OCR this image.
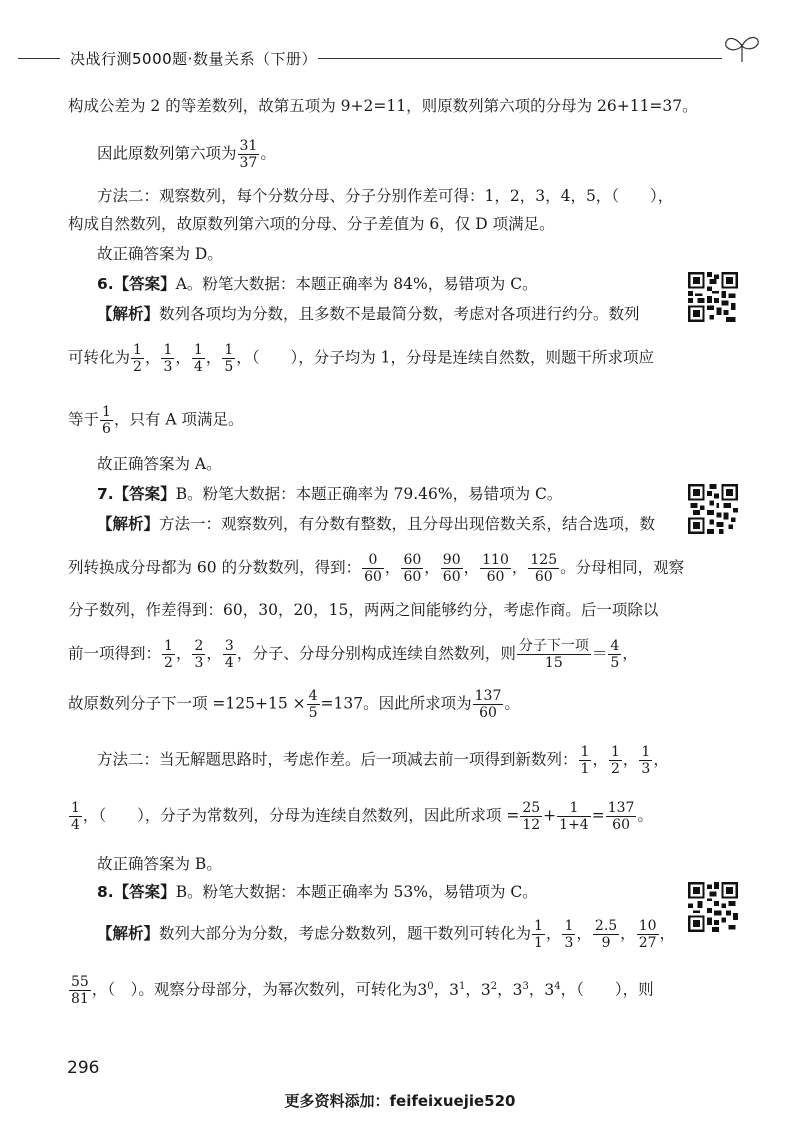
决战行测5000题·数量关系（下册）
构成公差为 2 的等差数列，故第五项为 9+2=11，则原数列第六项的分母为 26+11=37。
因此原数列第六项为 $\frac{31}{37}$ 。
方法二：观察数列，每个分数分母、分子分别作差可得：1，2，3，4，5，（　　），
构成自然数列，故原数列第六项的分母、分子差值为 6，仅 D 项满足。
故正确答案为 D。
6.【答案】A。粉笔大数据：本题正确率为 84%，易错项为 C。
【解析】数列各项均为分数，且多数不是最简分数，考虑对各项进行约分。数列
可转化为 $\frac{1}{2}$ ， $\frac{1}{3}$ ， $\frac{1}{4}$ ， $\frac{1}{5}$ ，（　　），分子均为 1，分母是连续自然数，则题干所求项应
等于 $\frac{1}{6}$ ，只有 A 项满足。
故正确答案为 A。
7.【答案】B。粉笔大数据：本题正确率为 79.46%，易错项为 C。
【解析】方法一：观察数列，有分数有整数，且分母出现倍数关系，结合选项，数
列转换成分母都为 60 的分数数列，得到： $\frac{0}{60}$ ， $\frac{60}{60}$ ， $\frac{90}{60}$ ， $\frac{110}{60}$ ， $\frac{125}{60}$ 。分母相同，观察
分子数列，作差得到：60，30，20，15，两两之间能够约分，考虑作商。后一项除以
前一项得到： $\frac{1}{2}$ ， $\frac{2}{3}$ ， $\frac{3}{4}$ ，分子、分母分别构成连续自然数列，则 $\frac{\text{分子下一项}}{15} = \frac{4}{5}$ ，
故原数列分子下一项 $=125+15 \times \frac{4}{5} =137$。因此所求项为 $\frac{137}{60}$ 。
方法二：当无解题思路时，考虑作差。后一项减去前一项得到新数列： $\frac{1}{1}$ ， $\frac{1}{2}$ ， $\frac{1}{3}$ ，
$\frac{1}{4}$ ，（　　），分子为常数列，分母为连续自然数列，因此所求项 = $\frac{25}{12} + \frac{1}{1+4} = \frac{137}{60}$ 。
故正确答案为 B。
8.【答案】B。粉笔大数据：本题正确率为 53%，易错项为 C。
【解析】数列大部分为分数，考虑分数数列，题干数列可转化为 $\frac{1}{1}$ ， $\frac{1}{3}$ ， $\frac{2.5}{9}$ ， $\frac{10}{27}$ ，
$\frac{55}{81}$ ，（　）。观察分母部分，为幂次数列，可转化为$3^0$，$3^1$，$3^2$，$3^3$，$3^4$，（　　），则
296
更多资料添加：feifeixuejie520
